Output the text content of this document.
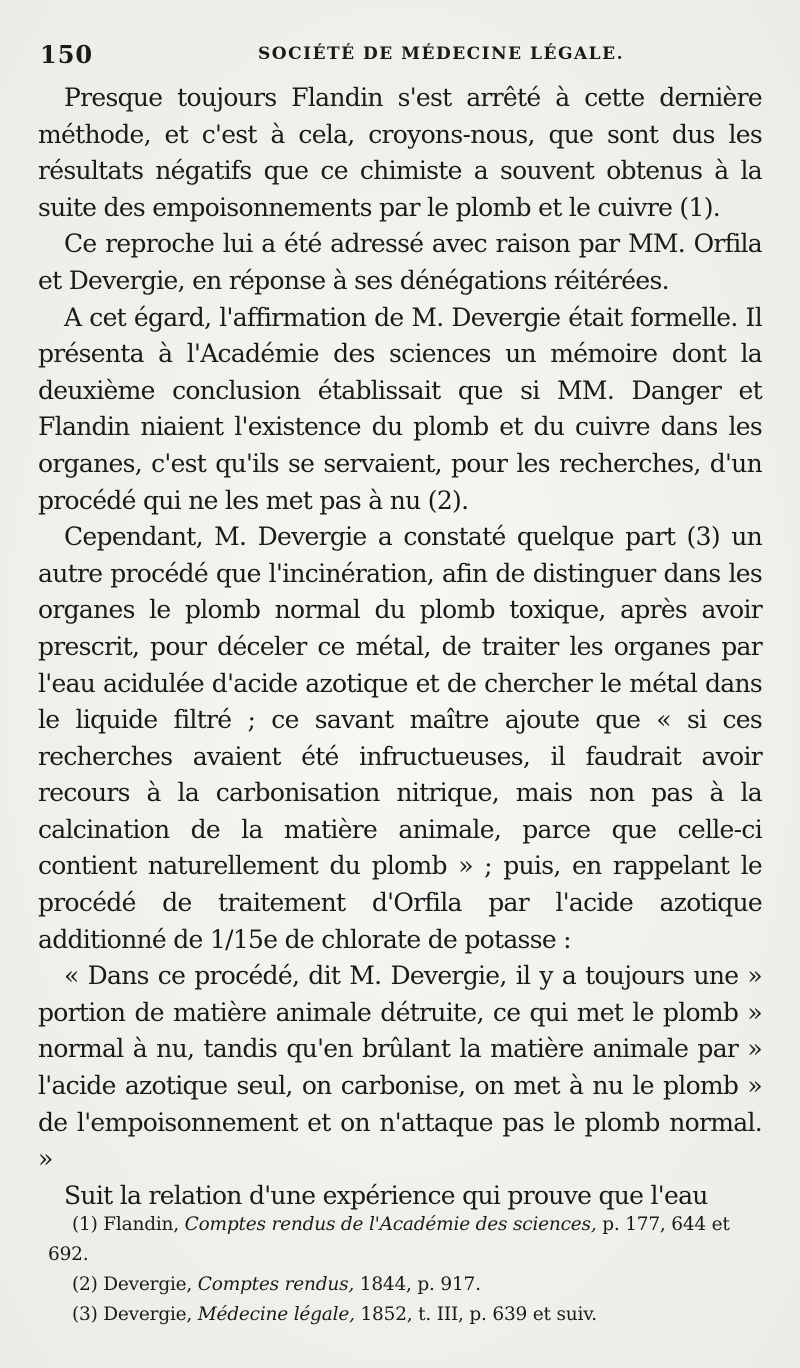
150	SOCIÉTÉ DE MÉDECINE LÉGALE.

Presque toujours Flandin s'est arrêté à cette dernière méthode, et c'est à cela, croyons-nous, que sont dus les résultats négatifs que ce chimiste a souvent obtenus à la suite des empoisonnements par le plomb et le cuivre (1).

Ce reproche lui a été adressé avec raison par MM. Orfila et Devergie, en réponse à ses dénégations réitérées.

A cet égard, l'affirmation de M. Devergie était formelle. Il présenta à l'Académie des sciences un mémoire dont la deuxième conclusion établissait que si MM. Danger et Flandin niaient l'existence du plomb et du cuivre dans les organes, c'est qu'ils se servaient, pour les recherches, d'un procédé qui ne les met pas à nu (2).

Cependant, M. Devergie a constaté quelque part (3) un autre procédé que l'incinération, afin de distinguer dans les organes le plomb normal du plomb toxique, après avoir prescrit, pour déceler ce métal, de traiter les organes par l'eau acidulée d'acide azotique et de chercher le métal dans le liquide filtré ; ce savant maître ajoute que « si ces recherches avaient été infructueuses, il faudrait avoir recours à la carbonisation nitrique, mais non pas à la calcination de la matière animale, parce que celle-ci contient naturellement du plomb » ; puis, en rappelant le procédé de traitement d'Orfila par l'acide azotique additionné de 1/15e de chlorate de potasse :

« Dans ce procédé, dit M. Devergie, il y a toujours une » portion de matière animale détruite, ce qui met le plomb » normal à nu, tandis qu'en brûlant la matière animale par » l'acide azotique seul, on carbonise, on met à nu le plomb » de l'empoisonnement et on n'attaque pas le plomb normal. »

Suit la relation d'une expérience qui prouve que l'eau

(1) Flandin, Comptes rendus de l'Académie des sciences, p. 177, 644 et 692.

(2) Devergie, Comptes rendus, 1844, p. 917.

(3) Devergie, Médecine légale, 1852, t. III, p. 639 et suiv.
